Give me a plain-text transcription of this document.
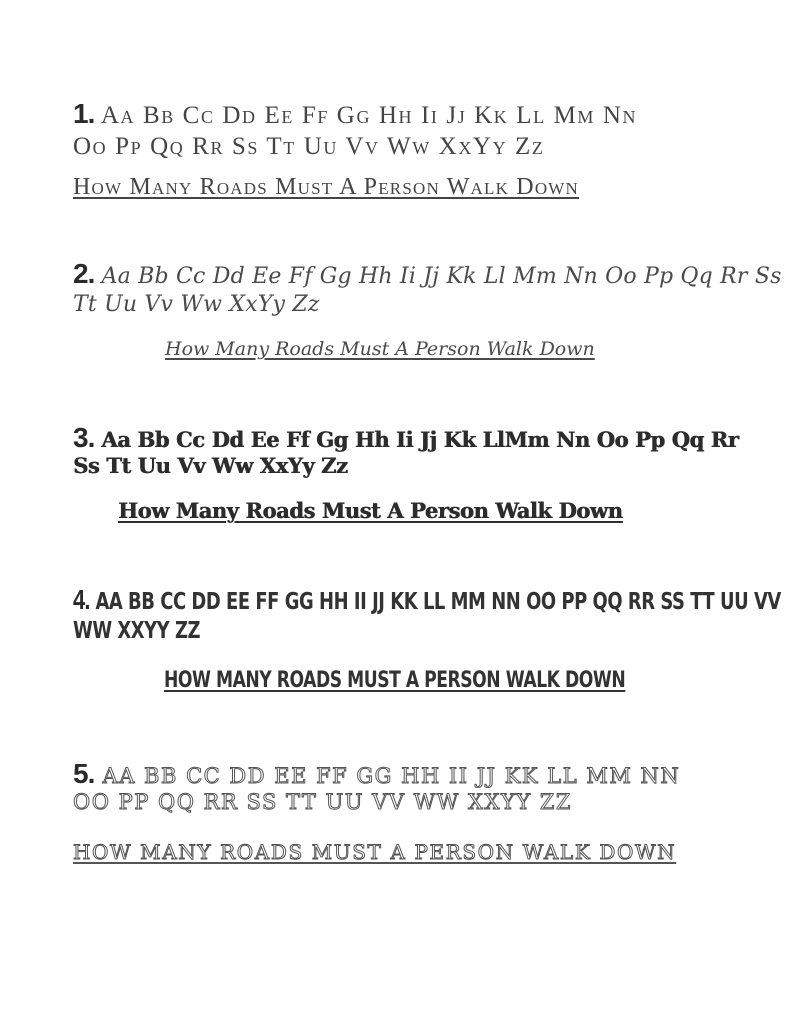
1. Aa Bb Cc Dd Ee Ff Gg Hh Ii Jj Kk Ll Mm Nn
Oo Pp Qq Rr Ss Tt Uu Vv Ww XxYy Zz
How Many Roads Must A Person Walk Down
2. Aa Bb Cc Dd Ee Ff Gg Hh Ii Jj Kk Ll Mm Nn Oo Pp Qq Rr Ss
Tt Uu Vv Ww XxYy Zz
How Many Roads Must A Person Walk Down
3. Aa Bb Cc Dd Ee Ff Gg Hh Ii Jj Kk LlMm Nn Oo Pp Qq Rr
Ss Tt Uu Vv Ww XxYy Zz
How Many Roads Must A Person Walk Down
4. AA BB CC DD EE FF GG HH II JJ KK LL MM NN OO PP QQ RR SS TT UU VV
WW XXYY ZZ
HOW MANY ROADS MUST A PERSON WALK DOWN
5. AA BB CC DD EE FF GG HH II JJ KK LL MM NN
OO PP QQ RR SS TT UU VV WW XXYY ZZ
HOW MANY ROADS MUST A PERSON WALK DOWN
